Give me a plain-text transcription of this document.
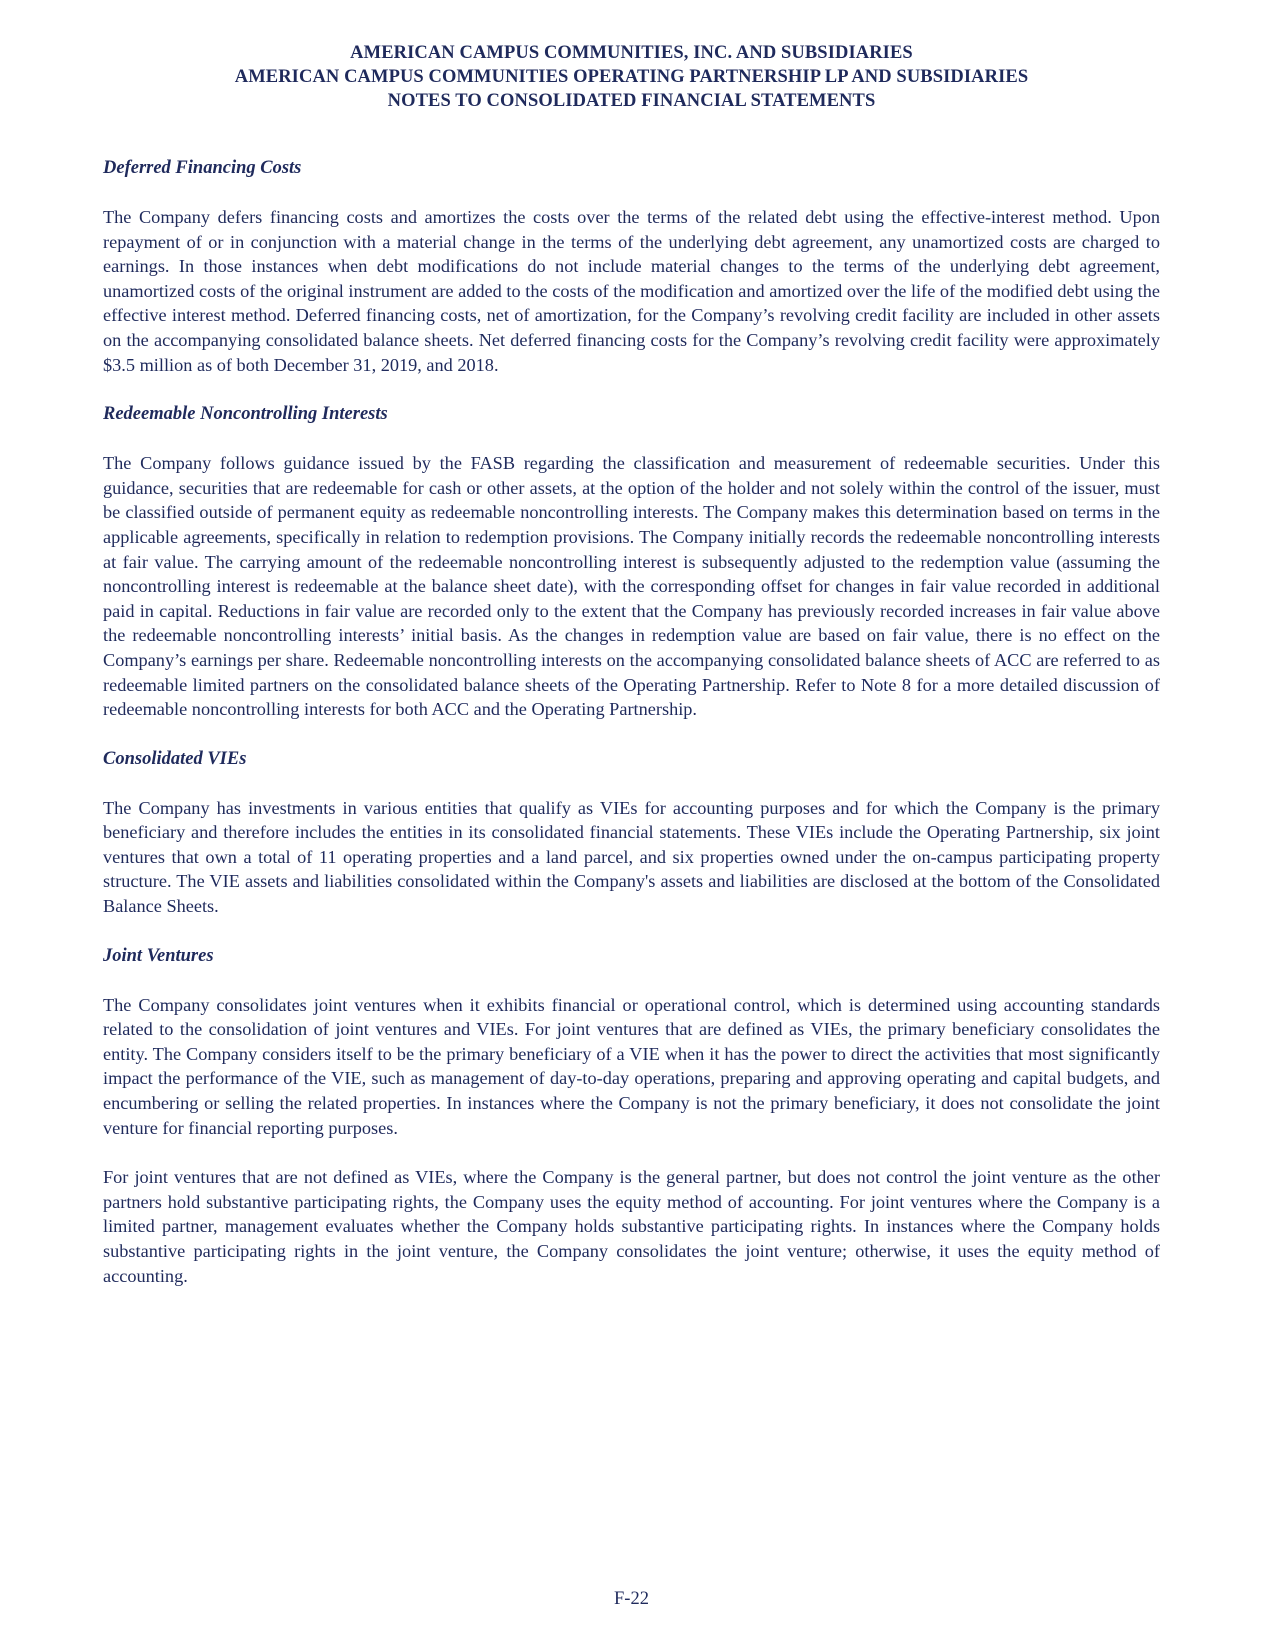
AMERICAN CAMPUS COMMUNITIES, INC. AND SUBSIDIARIES
AMERICAN CAMPUS COMMUNITIES OPERATING PARTNERSHIP LP AND SUBSIDIARIES
NOTES TO CONSOLIDATED FINANCIAL STATEMENTS
Deferred Financing Costs

The Company defers financing costs and amortizes the costs over the terms of the related debt using the effective-interest method. Upon repayment of or in conjunction with a material change in the terms of the underlying debt agreement, any unamortized costs are charged to earnings. In those instances when debt modifications do not include material changes to the terms of the underlying debt agreement, unamortized costs of the original instrument are added to the costs of the modification and amortized over the life of the modified debt using the effective interest method. Deferred financing costs, net of amortization, for the Company’s revolving credit facility are included in other assets on the accompanying consolidated balance sheets. Net deferred financing costs for the Company’s revolving credit facility were approximately $3.5 million as of both December 31, 2019, and 2018.

Redeemable Noncontrolling Interests

The Company follows guidance issued by the FASB regarding the classification and measurement of redeemable securities. Under this guidance, securities that are redeemable for cash or other assets, at the option of the holder and not solely within the control of the issuer, must be classified outside of permanent equity as redeemable noncontrolling interests. The Company makes this determination based on terms in the applicable agreements, specifically in relation to redemption provisions. The Company initially records the redeemable noncontrolling interests at fair value. The carrying amount of the redeemable noncontrolling interest is subsequently adjusted to the redemption value (assuming the noncontrolling interest is redeemable at the balance sheet date), with the corresponding offset for changes in fair value recorded in additional paid in capital. Reductions in fair value are recorded only to the extent that the Company has previously recorded increases in fair value above the redeemable noncontrolling interests’ initial basis. As the changes in redemption value are based on fair value, there is no effect on the Company’s earnings per share. Redeemable noncontrolling interests on the accompanying consolidated balance sheets of ACC are referred to as redeemable limited partners on the consolidated balance sheets of the Operating Partnership. Refer to Note 8 for a more detailed discussion of redeemable noncontrolling interests for both ACC and the Operating Partnership.

Consolidated VIEs

The Company has investments in various entities that qualify as VIEs for accounting purposes and for which the Company is the primary beneficiary and therefore includes the entities in its consolidated financial statements. These VIEs include the Operating Partnership, six joint ventures that own a total of 11 operating properties and a land parcel, and six properties owned under the on-campus participating property structure. The VIE assets and liabilities consolidated within the Company's assets and liabilities are disclosed at the bottom of the Consolidated Balance Sheets.

Joint Ventures

The Company consolidates joint ventures when it exhibits financial or operational control, which is determined using accounting standards related to the consolidation of joint ventures and VIEs. For joint ventures that are defined as VIEs, the primary beneficiary consolidates the entity. The Company considers itself to be the primary beneficiary of a VIE when it has the power to direct the activities that most significantly impact the performance of the VIE, such as management of day-to-day operations, preparing and approving operating and capital budgets, and encumbering or selling the related properties. In instances where the Company is not the primary beneficiary, it does not consolidate the joint venture for financial reporting purposes.

For joint ventures that are not defined as VIEs, where the Company is the general partner, but does not control the joint venture as the other partners hold substantive participating rights, the Company uses the equity method of accounting. For joint ventures where the Company is a limited partner, management evaluates whether the Company holds substantive participating rights. In instances where the Company holds substantive participating rights in the joint venture, the Company consolidates the joint venture; otherwise, it uses the equity method of accounting.

F-22
